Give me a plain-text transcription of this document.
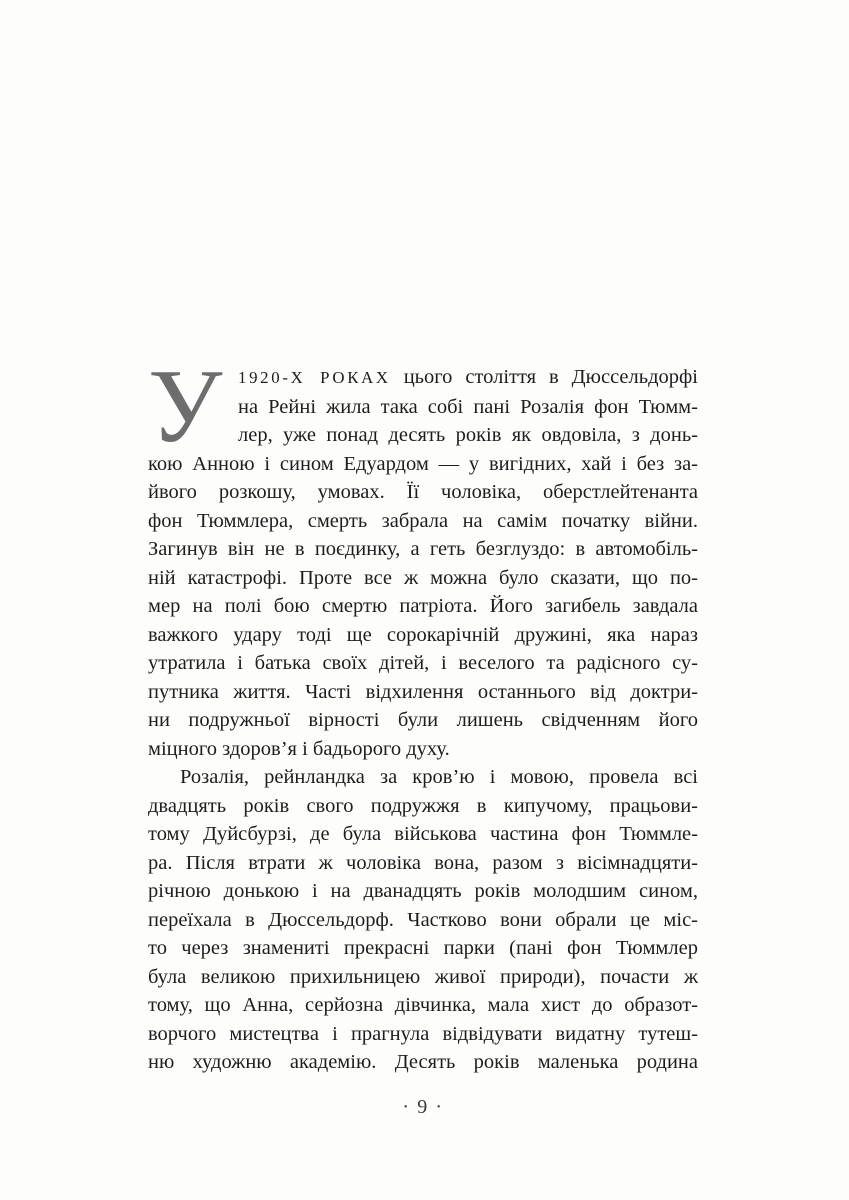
У 1920-Х РОКАХ цього століття в Дюссельдорфі
на Рейні жила така собі пані Розалія фон Тюмм-
лер, уже понад десять років як овдовіла, з донь-
кою Анною і сином Едуардом — у вигідних, хай і без за-
йвого розкошу, умовах. Її чоловіка, оберстлейтенанта
фон Тюммлера, смерть забрала на самім початку війни.
Загинув він не в поєдинку, а геть безглуздо: в автомобіль-
ній катастрофі. Проте все ж можна було сказати, що по-
мер на полі бою смертю патріота. Його загибель завдала
важкого удару тоді ще сорокарічній дружині, яка нараз
утратила і батька своїх дітей, і веселого та радісного су-
путника життя. Часті відхилення останнього від доктри-
ни подружньої вірності були лишень свідченням його
міцного здоров’я і бадьорого духу.
Розалія, рейнландка за кров’ю і мовою, провела всі
двадцять років свого подружжя в кипучому, працьови-
тому Дуйсбурзі, де була військова частина фон Тюммле-
ра. Після втрати ж чоловіка вона, разом з вісімнадцяти-
річною донькою і на дванадцять років молодшим сином,
переїхала в Дюссельдорф. Частково вони обрали це міс-
то через знамениті прекрасні парки (пані фон Тюммлер
була великою прихильницею живої природи), почасти ж
тому, що Анна, серйозна дівчинка, мала хист до образот-
ворчого мистецтва і прагнула відвідувати видатну тутеш-
ню художню академію. Десять років маленька родина
· 9 ·
